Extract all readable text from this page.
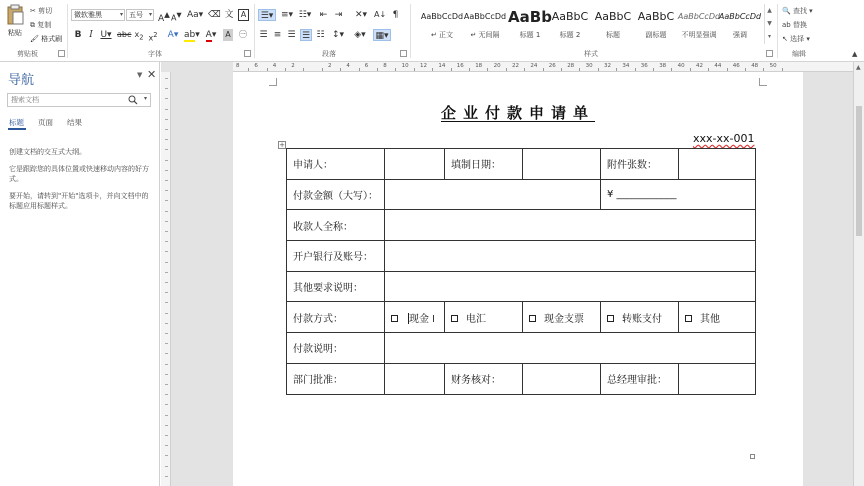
粘贴
✂ 剪切
⧉ 复制
🖌 格式刷
剪贴板
微软雅黑	▾ 五号 ▾ A▲ A▼ Aa▾ ⌫ 文 A
B I U▾ abc $x_2$ $x^2$ A▾ ab▾ A▾ A ㊀
字体
☰▾ ≡▾ ☷▾ ⇤ ⇥ ✕▾ A↓ ¶
☰ ≡ ☰ ☰ ☷ ↕▾ ◈▾ ▦▾
段落
AaBbCcDd
↵ 正文
AaBbCcDd
↵ 无间隔
AaBb
标题 1
AaBbC
标题 2
AaBbC
标题
AaBbC
副标题
AaBbCcDd
不明显强调
AaBbCcDd
强调
▲
▼
▾
样式
🔍 查找 ▾
ab 替换
↖ 选择 ▾
编辑	▲
导航	▼ ✕
搜索文档
▾
标题 页面 结果
创建文档的交互式大纲。
它是跟踪您的具体位置或快速移动内容的好方式。
要开始，请转到"开始"选项卡，并向文档中的标题应用标题样式。
8	6	4	2	2	4	6	8	10 12 14 16 18 20 22 24 26 28 30 32 34 36 38 40 42 44 46 48 50
企业付款申请单
xxx-xx-001
+
申请人：		填制日期：		附件张数：	
付款金额（大写）：				¥ ____________	
收款人全称：					
开户银行及账号：					
其他要求说明：					
付款方式：	现金 I	电汇	现金支票	转账支付	其他
付款说明：					
部门批准：		财务核对：		总经理审批：	
▲
